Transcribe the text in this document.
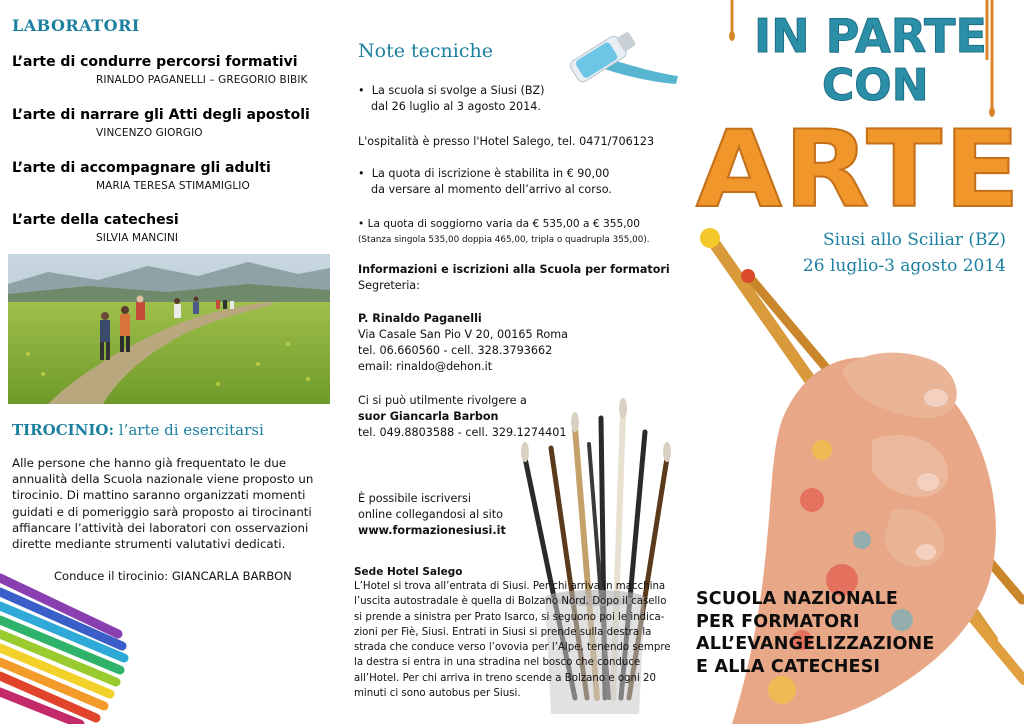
LABORATORI
L’arte di condurre percorsi formativi
RINALDO PAGANELLI – GREGORIO BIBIK
L’arte di narrare gli Atti degli apostoli
VINCENZO GIORGIO
L’arte di accompagnare gli adulti
MARIA TERESA STIMAMIGLIO
L’arte della catechesi
SILVIA MANCINI
TIROCINIO: l’arte di esercitarsi
Alle persone che hanno già frequentato le due
annualità della Scuola nazionale viene proposto un
tirocinio. Di mattino saranno organizzati momenti
guidati e di pomeriggio sarà proposto ai tirocinanti
affiancare l’attività dei laboratori con osservazioni
dirette mediante strumenti valutativi dedicati.
Conduce il tirocinio: GIANCARLA BARBON
Note tecniche
• La scuola si svolge a Siusi (BZ)
dal 26 luglio al 3 agosto 2014.
L'ospitalità è presso l'Hotel Salego, tel. 0471/706123
• La quota di iscrizione è stabilita in € 90,00
da versare al momento dell’arrivo al corso.
• La quota di soggiorno varia da € 535,00 a € 355,00
(Stanza singola 535,00 doppia 465,00, tripla o quadrupla 355,00).
Informazioni e iscrizioni alla Scuola per formatori
Segreteria:
P. Rinaldo Paganelli
Via Casale San Pio V 20, 00165 Roma
tel. 06.660560 - cell. 328.3793662
email: rinaldo@dehon.it
Ci si può utilmente rivolgere a
suor Giancarla Barbon
tel. 049.8803588 - cell. 329.1274401
È possibile iscriversi
online collegandosi al sito
www.formazionesiusi.it
Sede Hotel Salego
L’Hotel si trova all’entrata di Siusi. Per chi arriva in macchina
l’uscita autostradale è quella di Bolzano Nord. Dopo il casello
si prende a sinistra per Prato Isarco, si seguono poi le indica-
zioni per Fiè, Siusi. Entrati in Siusi si prende sulla destra la
strada che conduce verso l’ovovia per l’Alpe, tenendo sempre
la destra si entra in una stradina nel bosco che conduce
all’Hotel. Per chi arriva in treno scende a Bolzano e ogni 20
minuti ci sono autobus per Siusi.
IN PARTE
CON
ARTE
Siusi allo Sciliar (BZ)
26 luglio-3 agosto 2014
SCUOLA NAZIONALE
PER FORMATORI
ALL’EVANGELIZZAZIONE
E ALLA CATECHESI
